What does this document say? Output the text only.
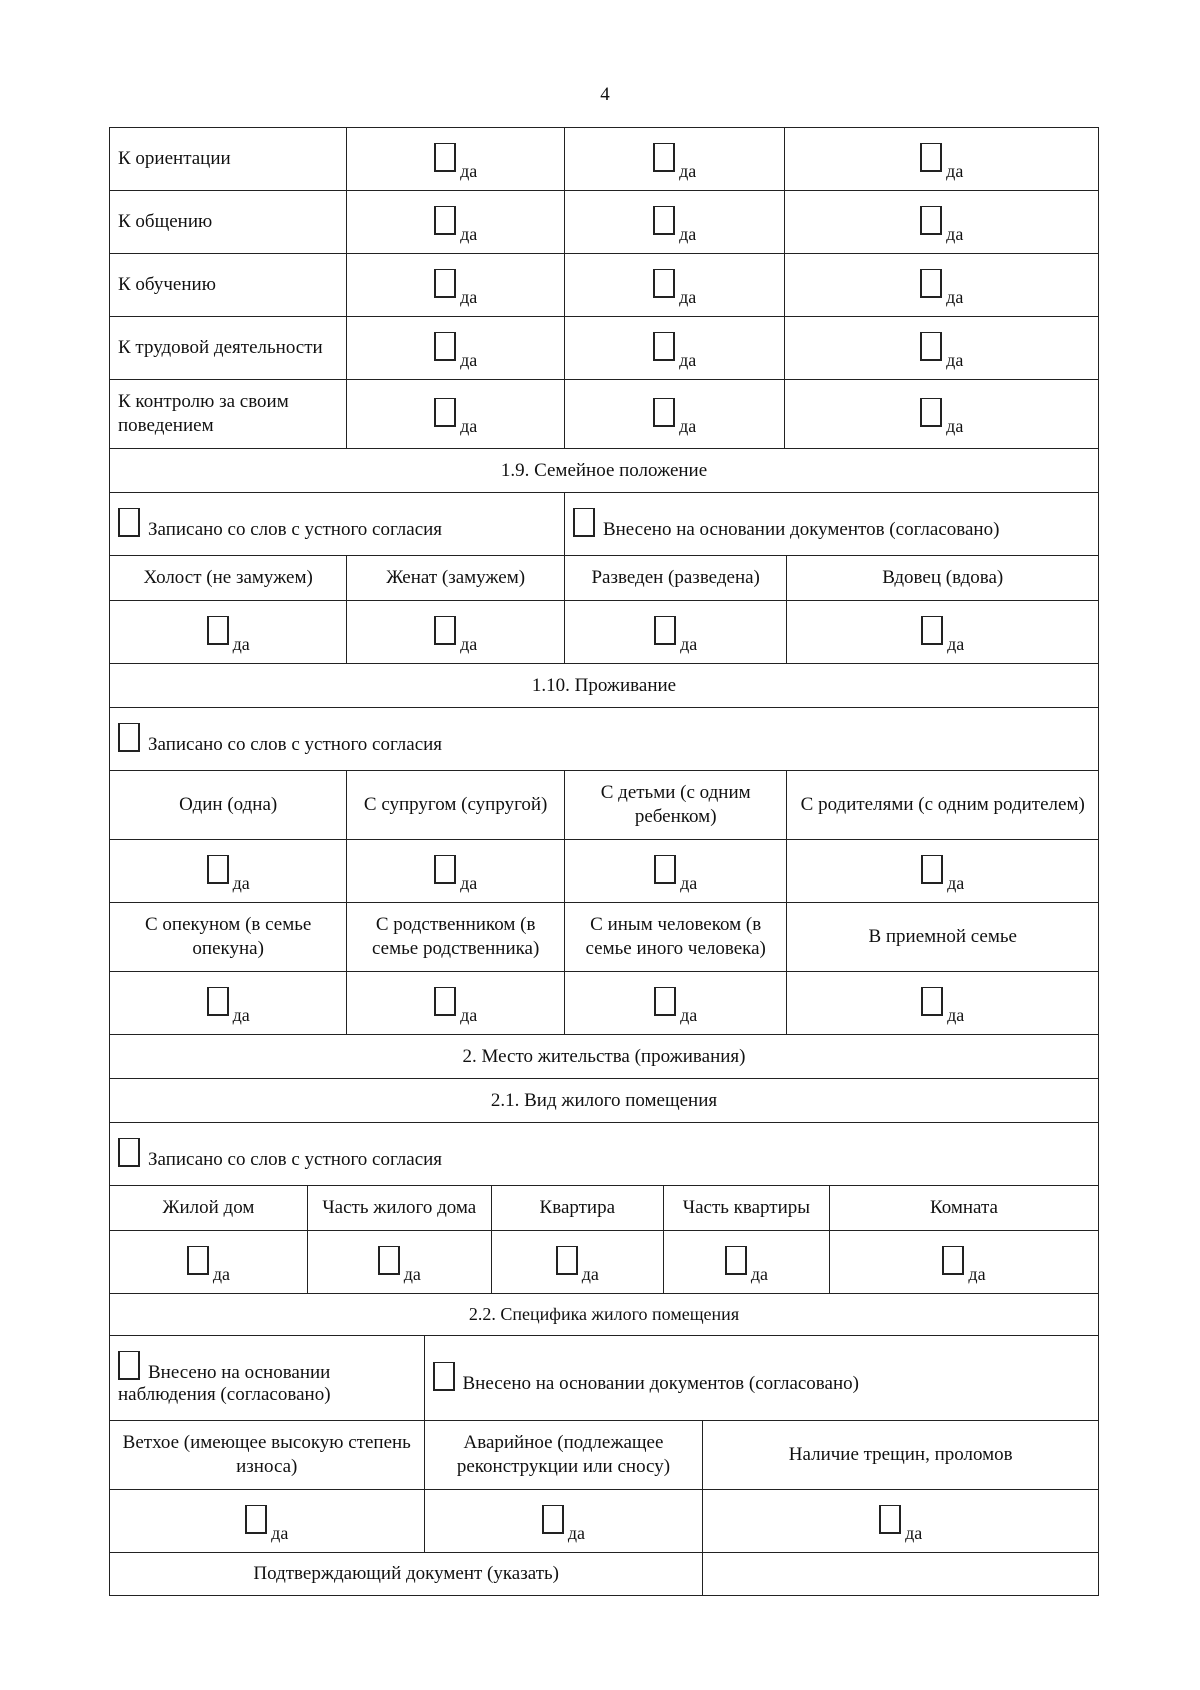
4
К ориентации	да	да	да
К общению	да	да	да
К обучению	да	да	да
К трудовой деятельности	да	да	да
К контролю за своим поведением	да	да	да
1.9. Семейное положение			
Записано со слов с устного согласия		Внесено на основании документов (согласовано)	
Холост (не замужем)	Женат (замужем)	Разведен (разведена)	Вдовец (вдова)
да	да	да	да
1.10. Проживание			
Записано со слов с устного согласия			
Один (одна)	С супругом (супругой)	С детьми (с одним ребенком)	С родителями (с одним родителем)
да	да	да	да
С опекуном (в семье опекуна)	С родственником (в семье родственника)	С иным человеком (в семье иного человека)	В приемной семье
да	да	да	да
2. Место жительства (проживания)				
2.1. Вид жилого помещения				
Записано со слов с устного согласия				
Жилой дом	Часть жилого дома	Квартира	Часть квартиры	Комната
да	да	да	да	да
2.2. Специфика жилого помещения		
Внесено на основании наблюдения (согласовано)	Внесено на основании документов (согласовано)	
Ветхое (имеющее высокую степень износа)	Аварийное (подлежащее реконструкции или сносу)	Наличие трещин, проломов
да	да	да
Подтверждающий документ (указать)		
